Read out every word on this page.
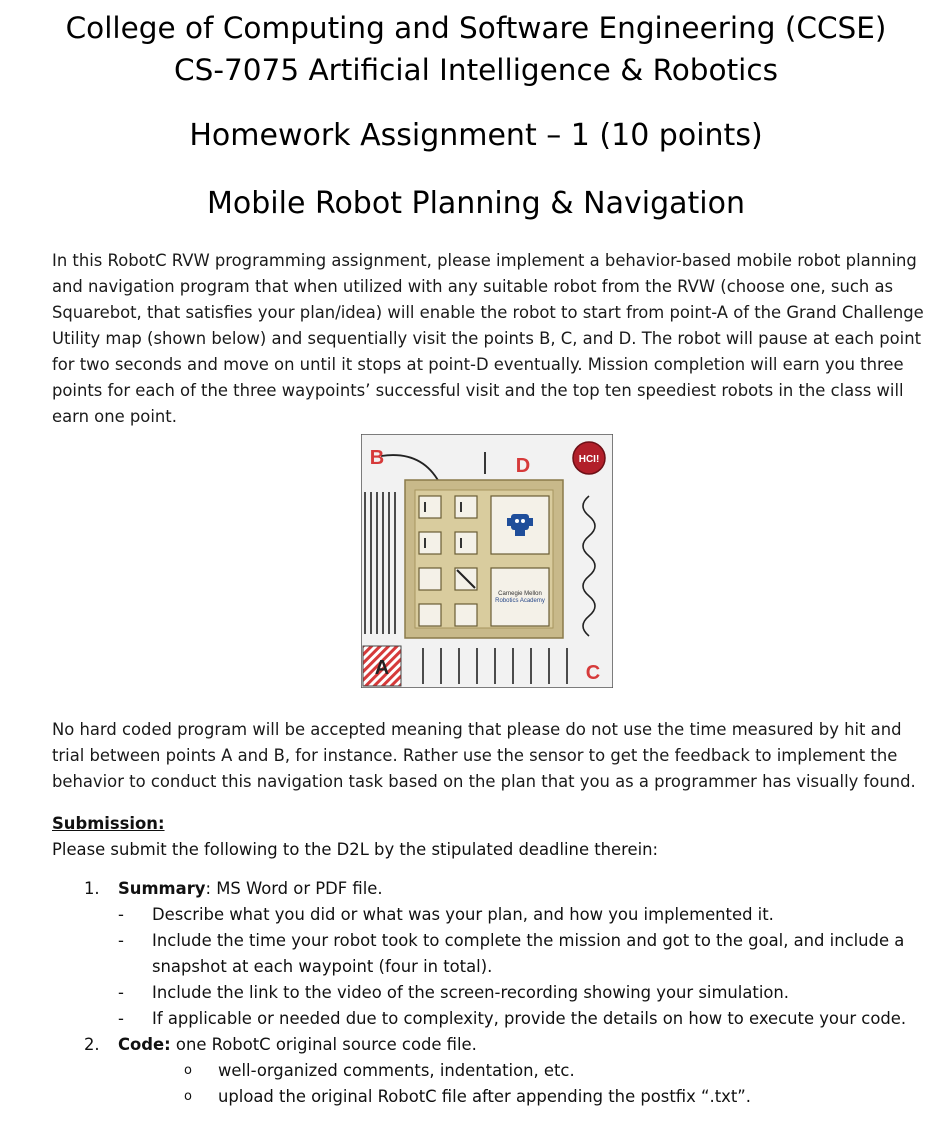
College of Computing and Software Engineering (CCSE)
CS-7075 Artificial Intelligence & Robotics
Homework Assignment – 1 (10 points)
Mobile Robot Planning & Navigation
In this RobotC RVW programming assignment, please implement a behavior-based mobile robot planning and navigation program that when utilized with any suitable robot from the RVW (choose one, such as Squarebot, that satisfies your plan/idea) will enable the robot to start from point-A of the Grand Challenge Utility map (shown below) and sequentially visit the points B, C, and D. The robot will pause at each point for two seconds and move on until it stops at point-D eventually. Mission completion will earn you three points for each of the three waypoints’ successful visit and the top ten speediest robots in the class will earn one point.
Carnegie Mellon
Robotics Academy
A
B
C
D	HCI!
No hard coded program will be accepted meaning that please do not use the time measured by hit and trial between points A and B, for instance. Rather use the sensor to get the feedback to implement the behavior to conduct this navigation task based on the plan that you as a programmer has visually found.
Submission:
Please submit the following to the D2L by the stipulated deadline therein:
1. Summary: MS Word or PDF file.
- Describe what you did or what was your plan, and how you implemented it.
- Include the time your robot took to complete the mission and got to the goal, and include a snapshot at each waypoint (four in total).
- Include the link to the video of the screen-recording showing your simulation.
- If applicable or needed due to complexity, provide the details on how to execute your code.
2. Code: one RobotC original source code file.
o well-organized comments, indentation, etc.
o upload the original RobotC file after appending the postfix “.txt”.
